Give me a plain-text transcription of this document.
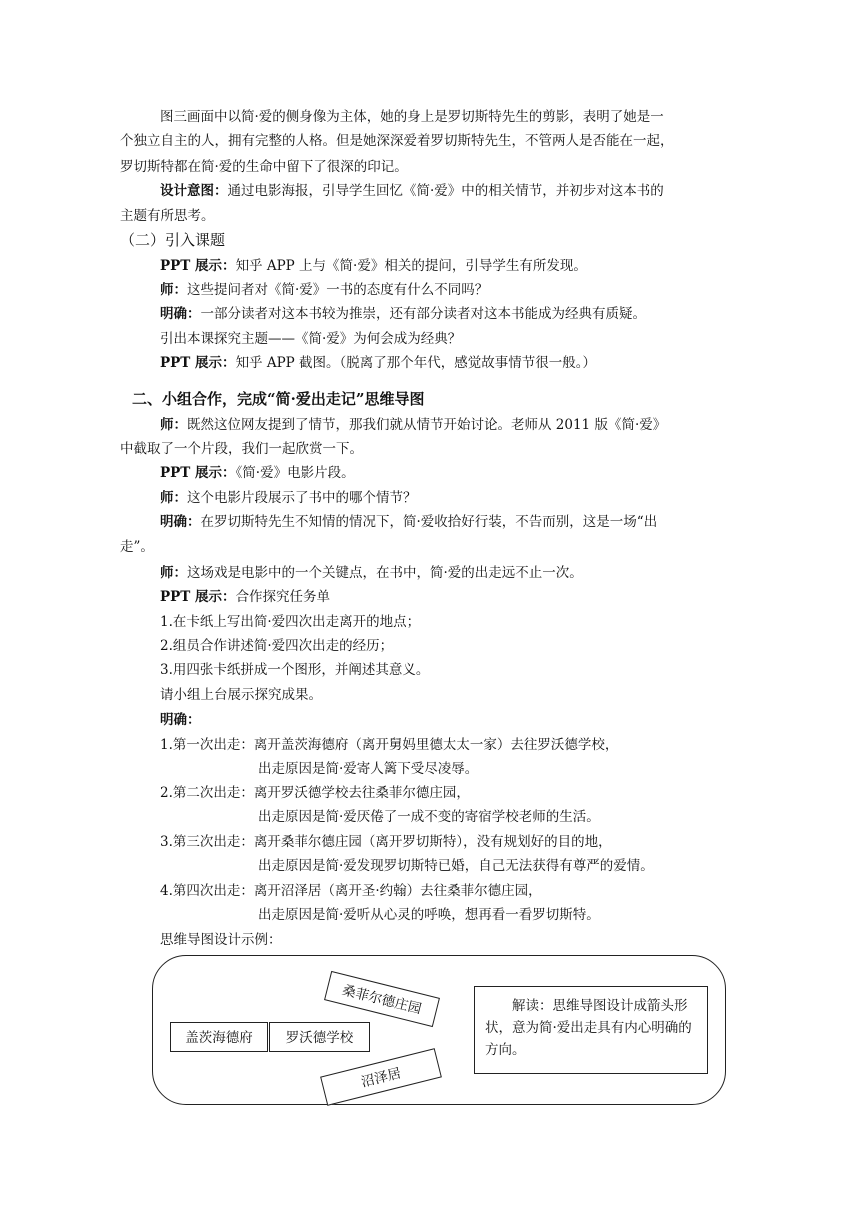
图三画面中以简·爱的侧身像为主体，她的身上是罗切斯特先生的剪影，表明了她是一
个独立自主的人，拥有完整的人格。但是她深深爱着罗切斯特先生，不管两人是否能在一起，
罗切斯特都在简·爱的生命中留下了很深的印记。
设计意图：通过电影海报，引导学生回忆《简·爱》中的相关情节，并初步对这本书的
主题有所思考。
（二）引入课题
PPT 展示：知乎 APP 上与《简·爱》相关的提问，引导学生有所发现。
师：这些提问者对《简·爱》一书的态度有什么不同吗？
明确：一部分读者对这本书较为推崇，还有部分读者对这本书能成为经典有质疑。
引出本课探究主题——《简·爱》为何会成为经典？
PPT 展示：知乎 APP 截图。（脱离了那个年代，感觉故事情节很一般。）
二、小组合作，完成“简·爱出走记”思维导图
师：既然这位网友提到了情节，那我们就从情节开始讨论。老师从 2011 版《简·爱》
中截取了一个片段，我们一起欣赏一下。
PPT 展示：《简·爱》电影片段。
师：这个电影片段展示了书中的哪个情节？
明确：在罗切斯特先生不知情的情况下，简·爱收拾好行装，不告而别，这是一场“出
走”。
师：这场戏是电影中的一个关键点，在书中，简·爱的出走远不止一次。
PPT 展示：合作探究任务单
1.在卡纸上写出简·爱四次出走离开的地点；
2.组员合作讲述简·爱四次出走的经历；
3.用四张卡纸拼成一个图形，并阐述其意义。
请小组上台展示探究成果。
明确：
1.第一次出走：离开盖茨海德府（离开舅妈里德太太一家）去往罗沃德学校，
出走原因是简·爱寄人篱下受尽凌辱。
2.第二次出走：离开罗沃德学校去往桑菲尔德庄园，
出走原因是简·爱厌倦了一成不变的寄宿学校老师的生活。
3.第三次出走：离开桑菲尔德庄园（离开罗切斯特），没有规划好的目的地，
出走原因是简·爱发现罗切斯特已婚，自己无法获得有尊严的爱情。
4.第四次出走：离开沼泽居（离开圣·约翰）去往桑菲尔德庄园，
出走原因是简·爱听从心灵的呼唤，想再看一看罗切斯特。
思维导图设计示例：
盖茨海德府	罗沃德学校
桑菲尔德庄园
沼泽居
解读：思维导图设计成箭头形状，意为简·爱出走具有内心明确的方向。
